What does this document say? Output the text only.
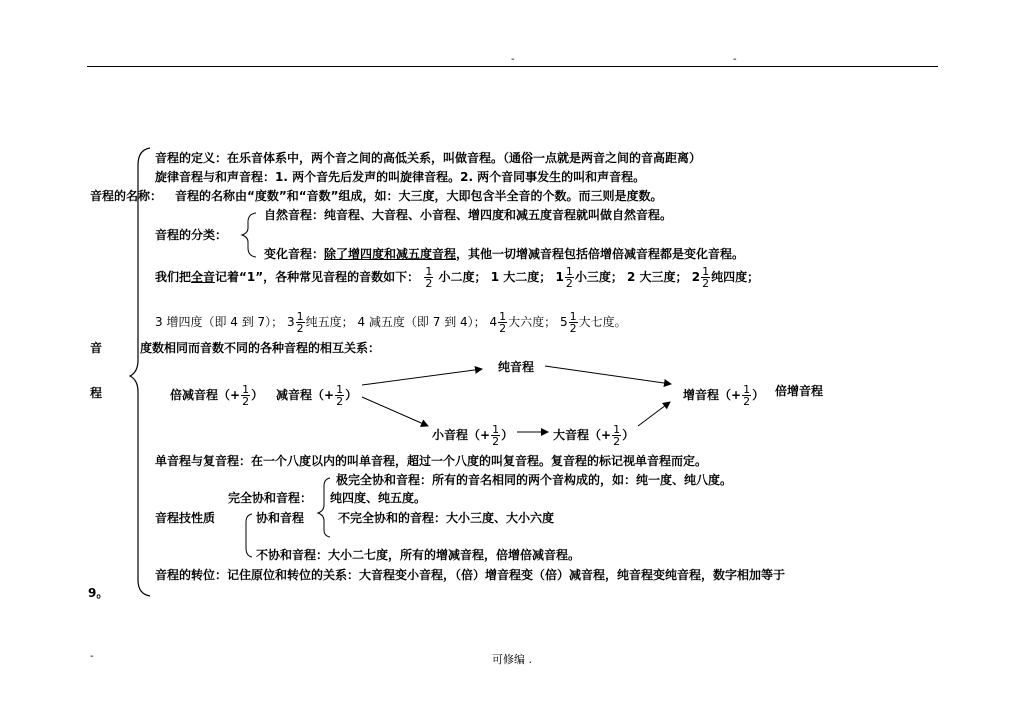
-	-
音程的定义：在乐音体系中，两个音之间的高低关系，叫做音程。（通俗一点就是两音之间的音高距离）
旋律音程与和声音程：1. 两个音先后发声的叫旋律音程。2. 两个音同事发生的叫和声音程。
音程的名称： 音程的名称由“度数”和“音数”组成，如：大三度，大即包含半全音的个数。而三则是度数。
自然音程：纯音程、大音程、小音程、增四度和减五度音程就叫做自然音程。
音程的分类：
变化音程：除了增四度和减五度音程，其他一切增减音程包括倍增倍减音程都是变化音程。
我们把全音记着“1”，各种常见音程的音数如下： $\frac{1}{2}$ 小二度； 1 大二度； $1 \frac{1}{2}$ 小三度； 2 大三度； $2 \frac{1}{2}$ 纯四度；
3 增四度（即 4 到 7）； $3 \frac{1}{2}$ 纯五度； 4 减五度（即 7 到 4）； $4 \frac{1}{2}$ 大六度； $5 \frac{1}{2}$ 大七度。
音
程
度数相同而音数不同的各种音程的相互关系：
纯音程
倍减音程（+ $\frac{1}{2}$ ） 减音程（+ $\frac{1}{2}$ ）	增音程（+ $\frac{1}{2}$ ） 倍增音程
小音程（+ $\frac{1}{2}$ ）	大音程（+ $\frac{1}{2}$ ）
单音程与复音程：在一个八度以内的叫单音程，超过一个八度的叫复音程。复音程的标记视单音程而定。
极完全协和音程：所有的音名相同的两个音构成的，如：纯一度、纯八度。
完全协和音程： 纯四度、纯五度。
音程技性质	协和音程	不完全协和的音程：大小三度、大小六度
不协和音程：大小二七度，所有的增减音程，倍增倍减音程。
音程的转位：记住原位和转位的关系：大音程变小音程，（倍）增音程变（倍）减音程，纯音程变纯音程，数字相加等于
9。
-	可修编 .
